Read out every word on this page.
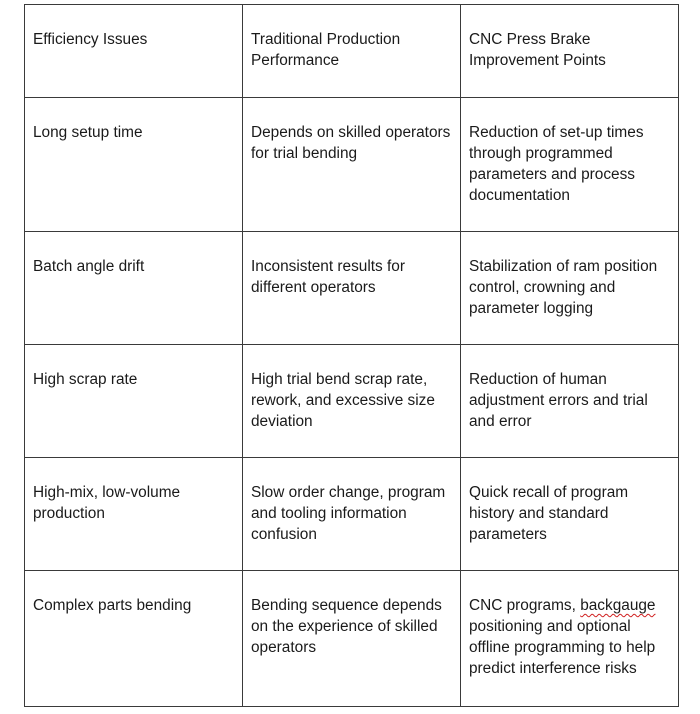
Efficiency Issues	Traditional Production Performance	CNC Press Brake Improvement Points
Long setup time	Depends on skilled operators for trial bending	Reduction of set-up times through programmed parameters and process documentation
Batch angle drift	Inconsistent results for different operators	Stabilization of ram position control, crowning and parameter logging
High scrap rate	High trial bend scrap rate, rework, and excessive size deviation	Reduction of human adjustment errors and trial and error
High-mix, low-volume production	Slow order change, program and tooling information confusion	Quick recall of program history and standard parameters
Complex parts bending	Bending sequence depends on the experience of skilled operators	CNC programs, backgauge positioning and optional offline programming to help predict interference risks
